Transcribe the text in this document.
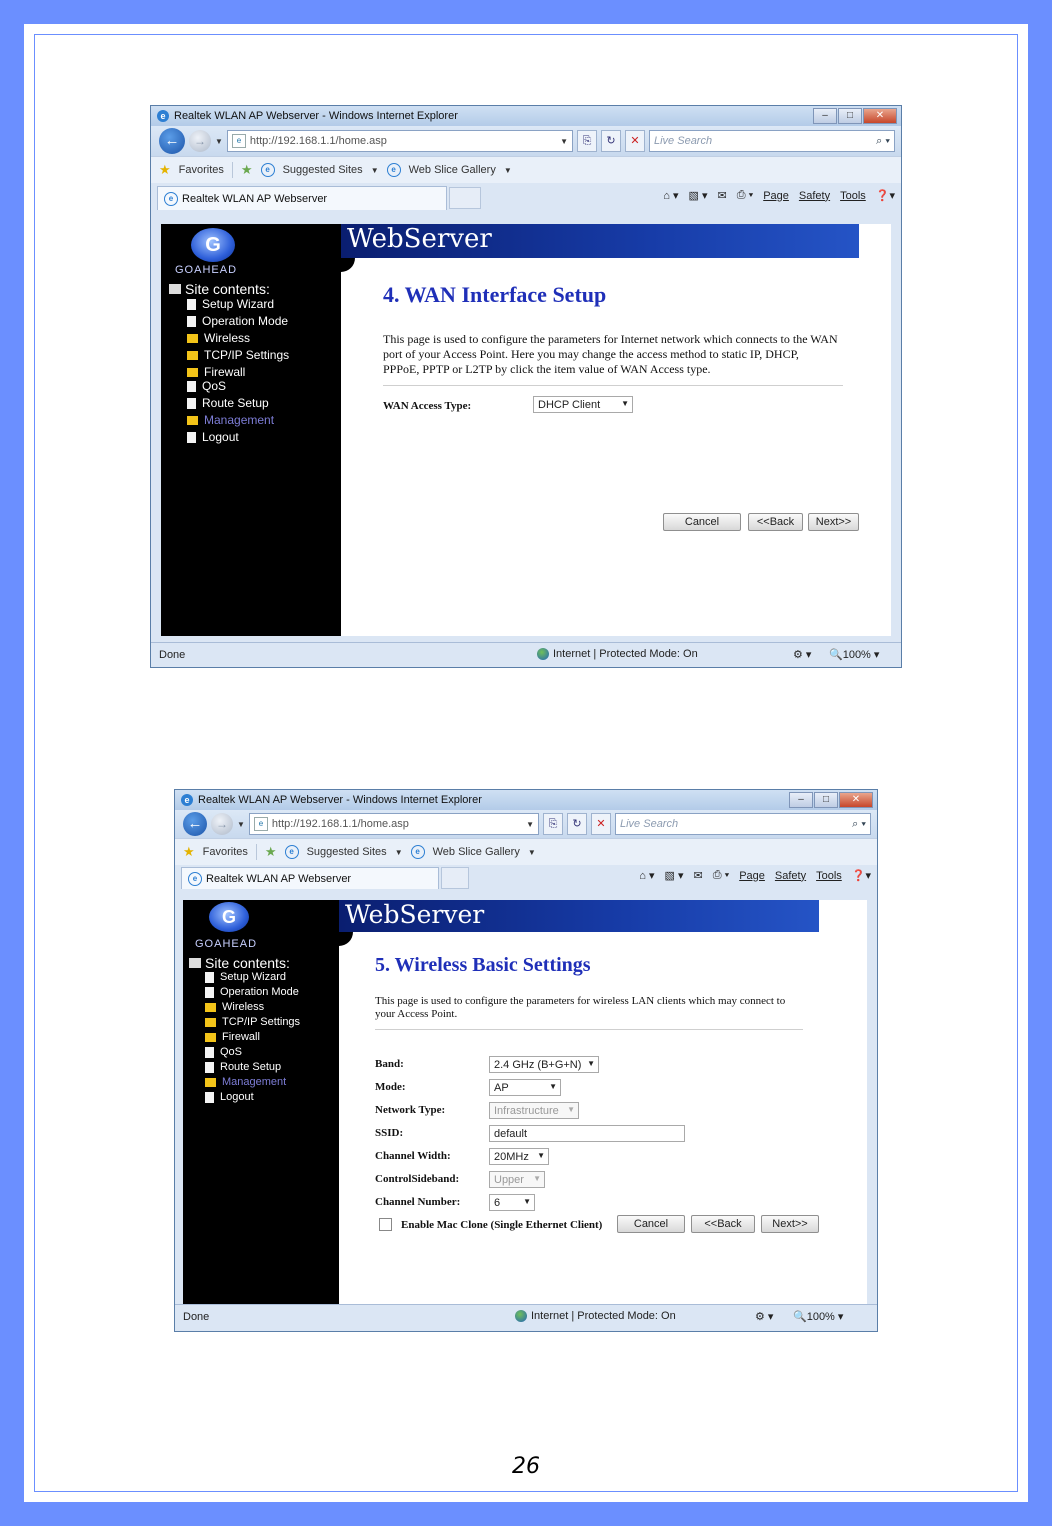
e Realtek WLAN AP Webserver - Windows Internet Explorer	–	□	✕
←	→	▼	e http://192.168.1.1/home.asp	▼	⎘	↻	✕	Live Search	⌕ ▾
★ Favorites ★	e	Suggested Sites ▼	e	Web Slice Gallery ▼
e Realtek WLAN AP Webserver	⌂ ▾ ▧ ▾ ✉ ⎙ ▾ Page Safety Tools ❓▾
G
GOAHEAD
Site contents:
Setup Wizard
Operation Mode
Wireless
TCP/IP Settings
Firewall
QoS
Route Setup
Management
Logout
WebServer
4. WAN Interface Setup

This page is used to configure the parameters for Internet network which connects to the WAN port of your Access Point. Here you may change the access method to static IP, DHCP, PPPoE, PPTP or L2TP by click the item value of WAN Access type.

WAN Access Type:	DHCP Client	▼
Cancel	<<Back	Next>>
Done	Internet | Protected Mode: On	⚙ ▾ 🔍100% ▾
e Realtek WLAN AP Webserver - Windows Internet Explorer	–	□	✕
←	→	▼	e http://192.168.1.1/home.asp	▼	⎘	↻	✕	Live Search	⌕ ▾
★ Favorites ★	e	Suggested Sites ▼	e	Web Slice Gallery ▼
e Realtek WLAN AP Webserver	⌂ ▾ ▧ ▾ ✉ ⎙ ▾ Page Safety Tools ❓▾
G
GOAHEAD
Site contents:
Setup Wizard
Operation Mode
Wireless
TCP/IP Settings
Firewall
QoS
Route Setup
Management
Logout
WebServer
5. Wireless Basic Settings

This page is used to configure the parameters for wireless LAN clients which may connect to your Access Point.

Band:	2.4 GHz (B+G+N) ▼
Mode:	AP	▼
Network Type:	Infrastructure ▼
SSID:	default
Channel Width:	20MHz ▼
ControlSideband:	Upper ▼
Channel Number:	6	▼
Enable Mac Clone (Single Ethernet Client)	Cancel	<<Back	Next>>
Done	Internet | Protected Mode: On	⚙ ▾ 🔍100% ▾
26
